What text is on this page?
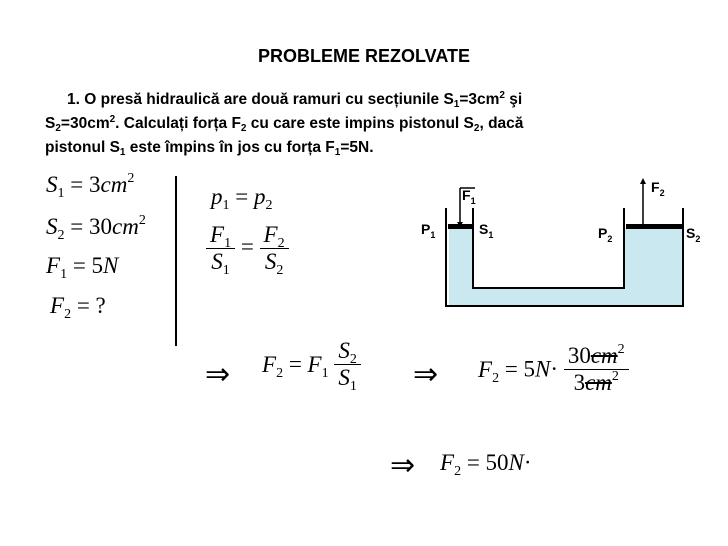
PROBLEME REZOLVATE
1. O presă hidraulică are două ramuri cu secțiunile $S_1=3cm^2$ şi
$S_2=30cm^2$. Calculați forța $F_2$ cu care este impins pistonul $S_2$, dacă
pistonul $S_1$ este împins în jos cu forța $F_1=5N$.
$S_1 = 3cm^2$
$S_2 = 30cm^2$
$F_1 = 5N$
$F_2$ = ?
$p_1 = p_2$
$\frac{F_1}{S_1} = \frac{F_2}{S_2}$
⇒ $F_2 = F_1 \frac{S_2}{S_1}$ ⇒ $F_2 = 5N\cdot \frac{30cm^2}{3cm^2}$
⇒ $F_2 = 50N\cdot$
$F_1$
$F_2$
$P_1$	$S_1$	$P_2$	$S_2$
